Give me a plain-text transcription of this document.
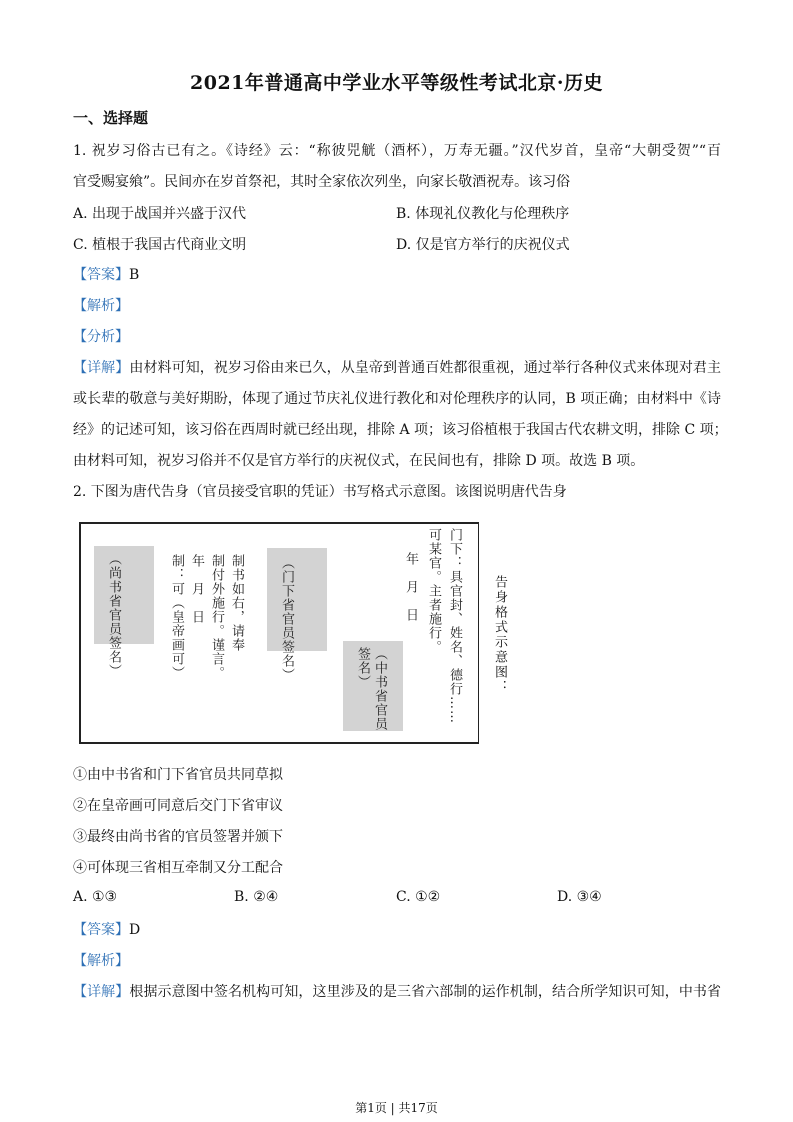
2021年普通高中学业水平等级性考试北京·历史
一、选择题
1. 祝岁习俗古已有之。《诗经》云：“称彼兕觥（酒杯），万寿无疆。”汉代岁首，皇帝“大朝受贺”“百
官受赐宴飨”。民间亦在岁首祭祀，其时全家依次列坐，向家长敬酒祝寿。该习俗
A. 出现于战国并兴盛于汉代	B. 体现礼仪教化与伦理秩序
C. 植根于我国古代商业文明	D. 仅是官方举行的庆祝仪式
【答案】B
【解析】
【分析】
【详解】由材料可知，祝岁习俗由来已久，从皇帝到普通百姓都很重视，通过举行各种仪式来体现对君主
或长辈的敬意与美好期盼，体现了通过节庆礼仪进行教化和对伦理秩序的认同，B 项正确；由材料中《诗
经》的记述可知，该习俗在西周时就已经出现，排除 A 项；该习俗植根于我国古代农耕文明，排除 C 项；
由材料可知，祝岁习俗并不仅是官方举行的庆祝仪式，在民间也有，排除 D 项。故选 B 项。
2. 下图为唐代告身（官员接受官职的凭证）书写格式示意图。该图说明唐代告身
（尚书省官员签名）	（门下省官员签名）
（中书省官员签名）
制：可（皇帝画可） 年　月　日 制付外施行。谨言。 制书如右，请奉	年　月　日 可某官。主者施行。 门下：具官封、姓名、德行…… 告身格式示意图：
①由中书省和门下省官员共同草拟
②在皇帝画可同意后交门下省审议
③最终由尚书省的官员签署并颁下
④可体现三省相互牵制又分工配合
A. ①③	B. ②④	C. ①②	D. ③④
【答案】D
【解析】
【详解】根据示意图中签名机构可知，这里涉及的是三省六部制的运作机制，结合所学知识可知，中书省
第1页 | 共17页
